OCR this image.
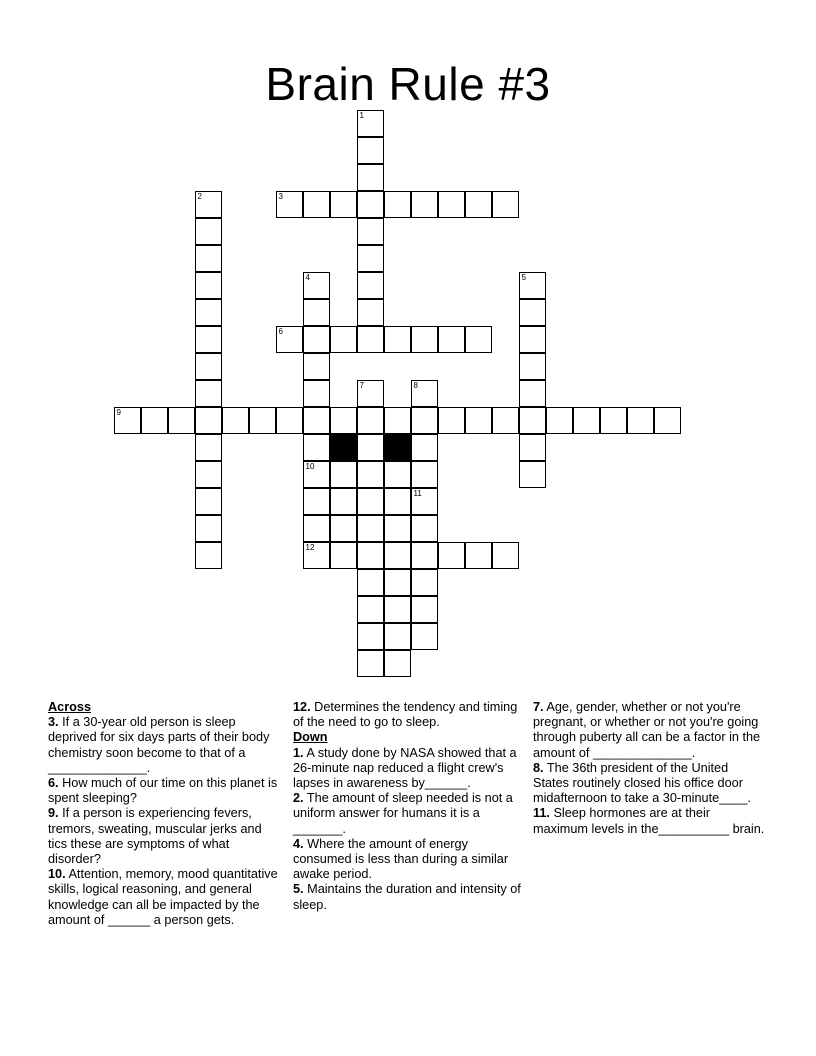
Brain Rule #3
1
2	3
4	5
6
7	8
9
10
11
12
Across
3. If a 30-year old person is sleep deprived for six days parts of their body chemistry soon become to that of a ______________.
6. How much of our time on this planet is spent sleeping?
9. If a person is experiencing fevers, tremors, sweating, muscular jerks and tics these are symptoms of what disorder?
10. Attention, memory, mood quantitative skills, logical reasoning, and general knowledge can all be impacted by the amount of ______ a person gets.
12. Determines the tendency and timing of the need to go to sleep.
Down
1. A study done by NASA showed that a 26-minute nap reduced a flight crew's lapses in awareness by______.
2. The amount of sleep needed is not a uniform answer for humans it is a _______.
4. Where the amount of energy consumed is less than during a similar awake period.
5. Maintains the duration and intensity of sleep.
7. Age, gender, whether or not you're pregnant, or whether or not you're going through puberty all can be a factor in the amount of ______________.
8. The 36th president of the United States routinely closed his office door midafternoon to take a 30-minute____.
11. Sleep hormones are at their maximum levels in the__________ brain.
